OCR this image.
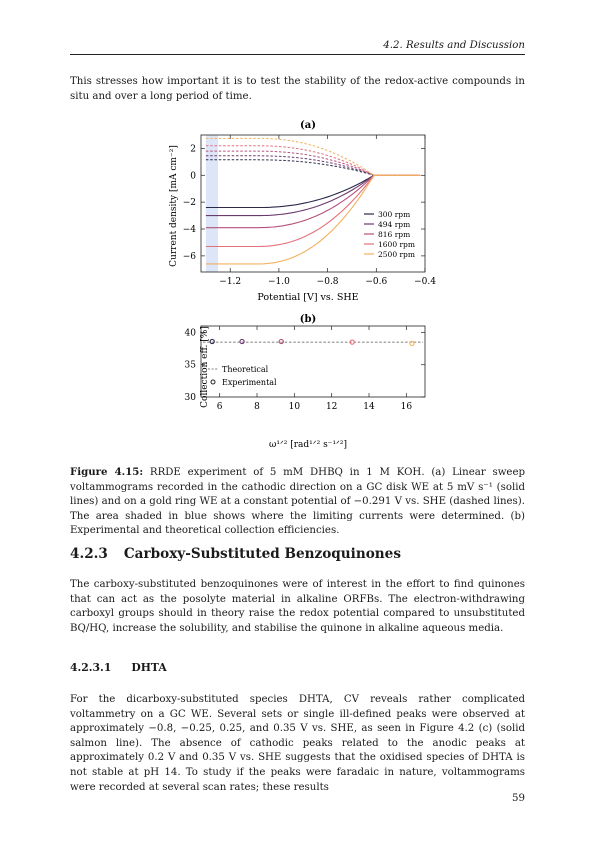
4.2. Results and Discussion

This stresses how important it is to test the stability of the redox-active compounds in situ and over a long period of time.

(a)
(b)
−1.2	−1.0	−0.8	−0.6	−0.4
−6
−4
−2
0
2
300 rpm
494 rpm
816 rpm
1600 rpm
2500 rpm
6	8	10	12	14	16
30
35
40
Theoretical
Experimental
Potential [V] vs. SHE
Current density [mA cm⁻²]
ω¹ᐟ² [rad¹ᐟ² s⁻¹ᐟ²]
Collection eff. [%]

Figure 4.15: RRDE experiment of 5 mM DHBQ in 1 M KOH. (a) Linear sweep voltammograms recorded in the cathodic direction on a GC disk WE at 5 mV s⁻¹ (solid lines) and on a gold ring WE at a constant potential of −0.291 V vs. SHE (dashed lines). The area shaded in blue shows where the limiting currents were determined. (b) Experimental and theoretical collection efficiencies.

4.2.3 Carboxy-Substituted Benzoquinones

The carboxy-substituted benzoquinones were of interest in the effort to find quinones that can act as the posolyte material in alkaline ORFBs. The electron-withdrawing carboxyl groups should in theory raise the redox potential compared to unsubstituted BQ/HQ, increase the solubility, and stabilise the quinone in alkaline aqueous media.

4.2.3.1 DHTA

For the dicarboxy-substituted species DHTA, CV reveals rather complicated voltammetry on a GC WE. Several sets or single ill-defined peaks were observed at approximately −0.8, −0.25, 0.25, and 0.35 V vs. SHE, as seen in Figure 4.2 (c) (solid salmon line). The absence of cathodic peaks related to the anodic peaks at approximately 0.2 V and 0.35 V vs. SHE suggests that the oxidised species of DHTA is not stable at pH 14. To study if the peaks were faradaic in nature, voltammograms were recorded at several scan rates; these results

59
